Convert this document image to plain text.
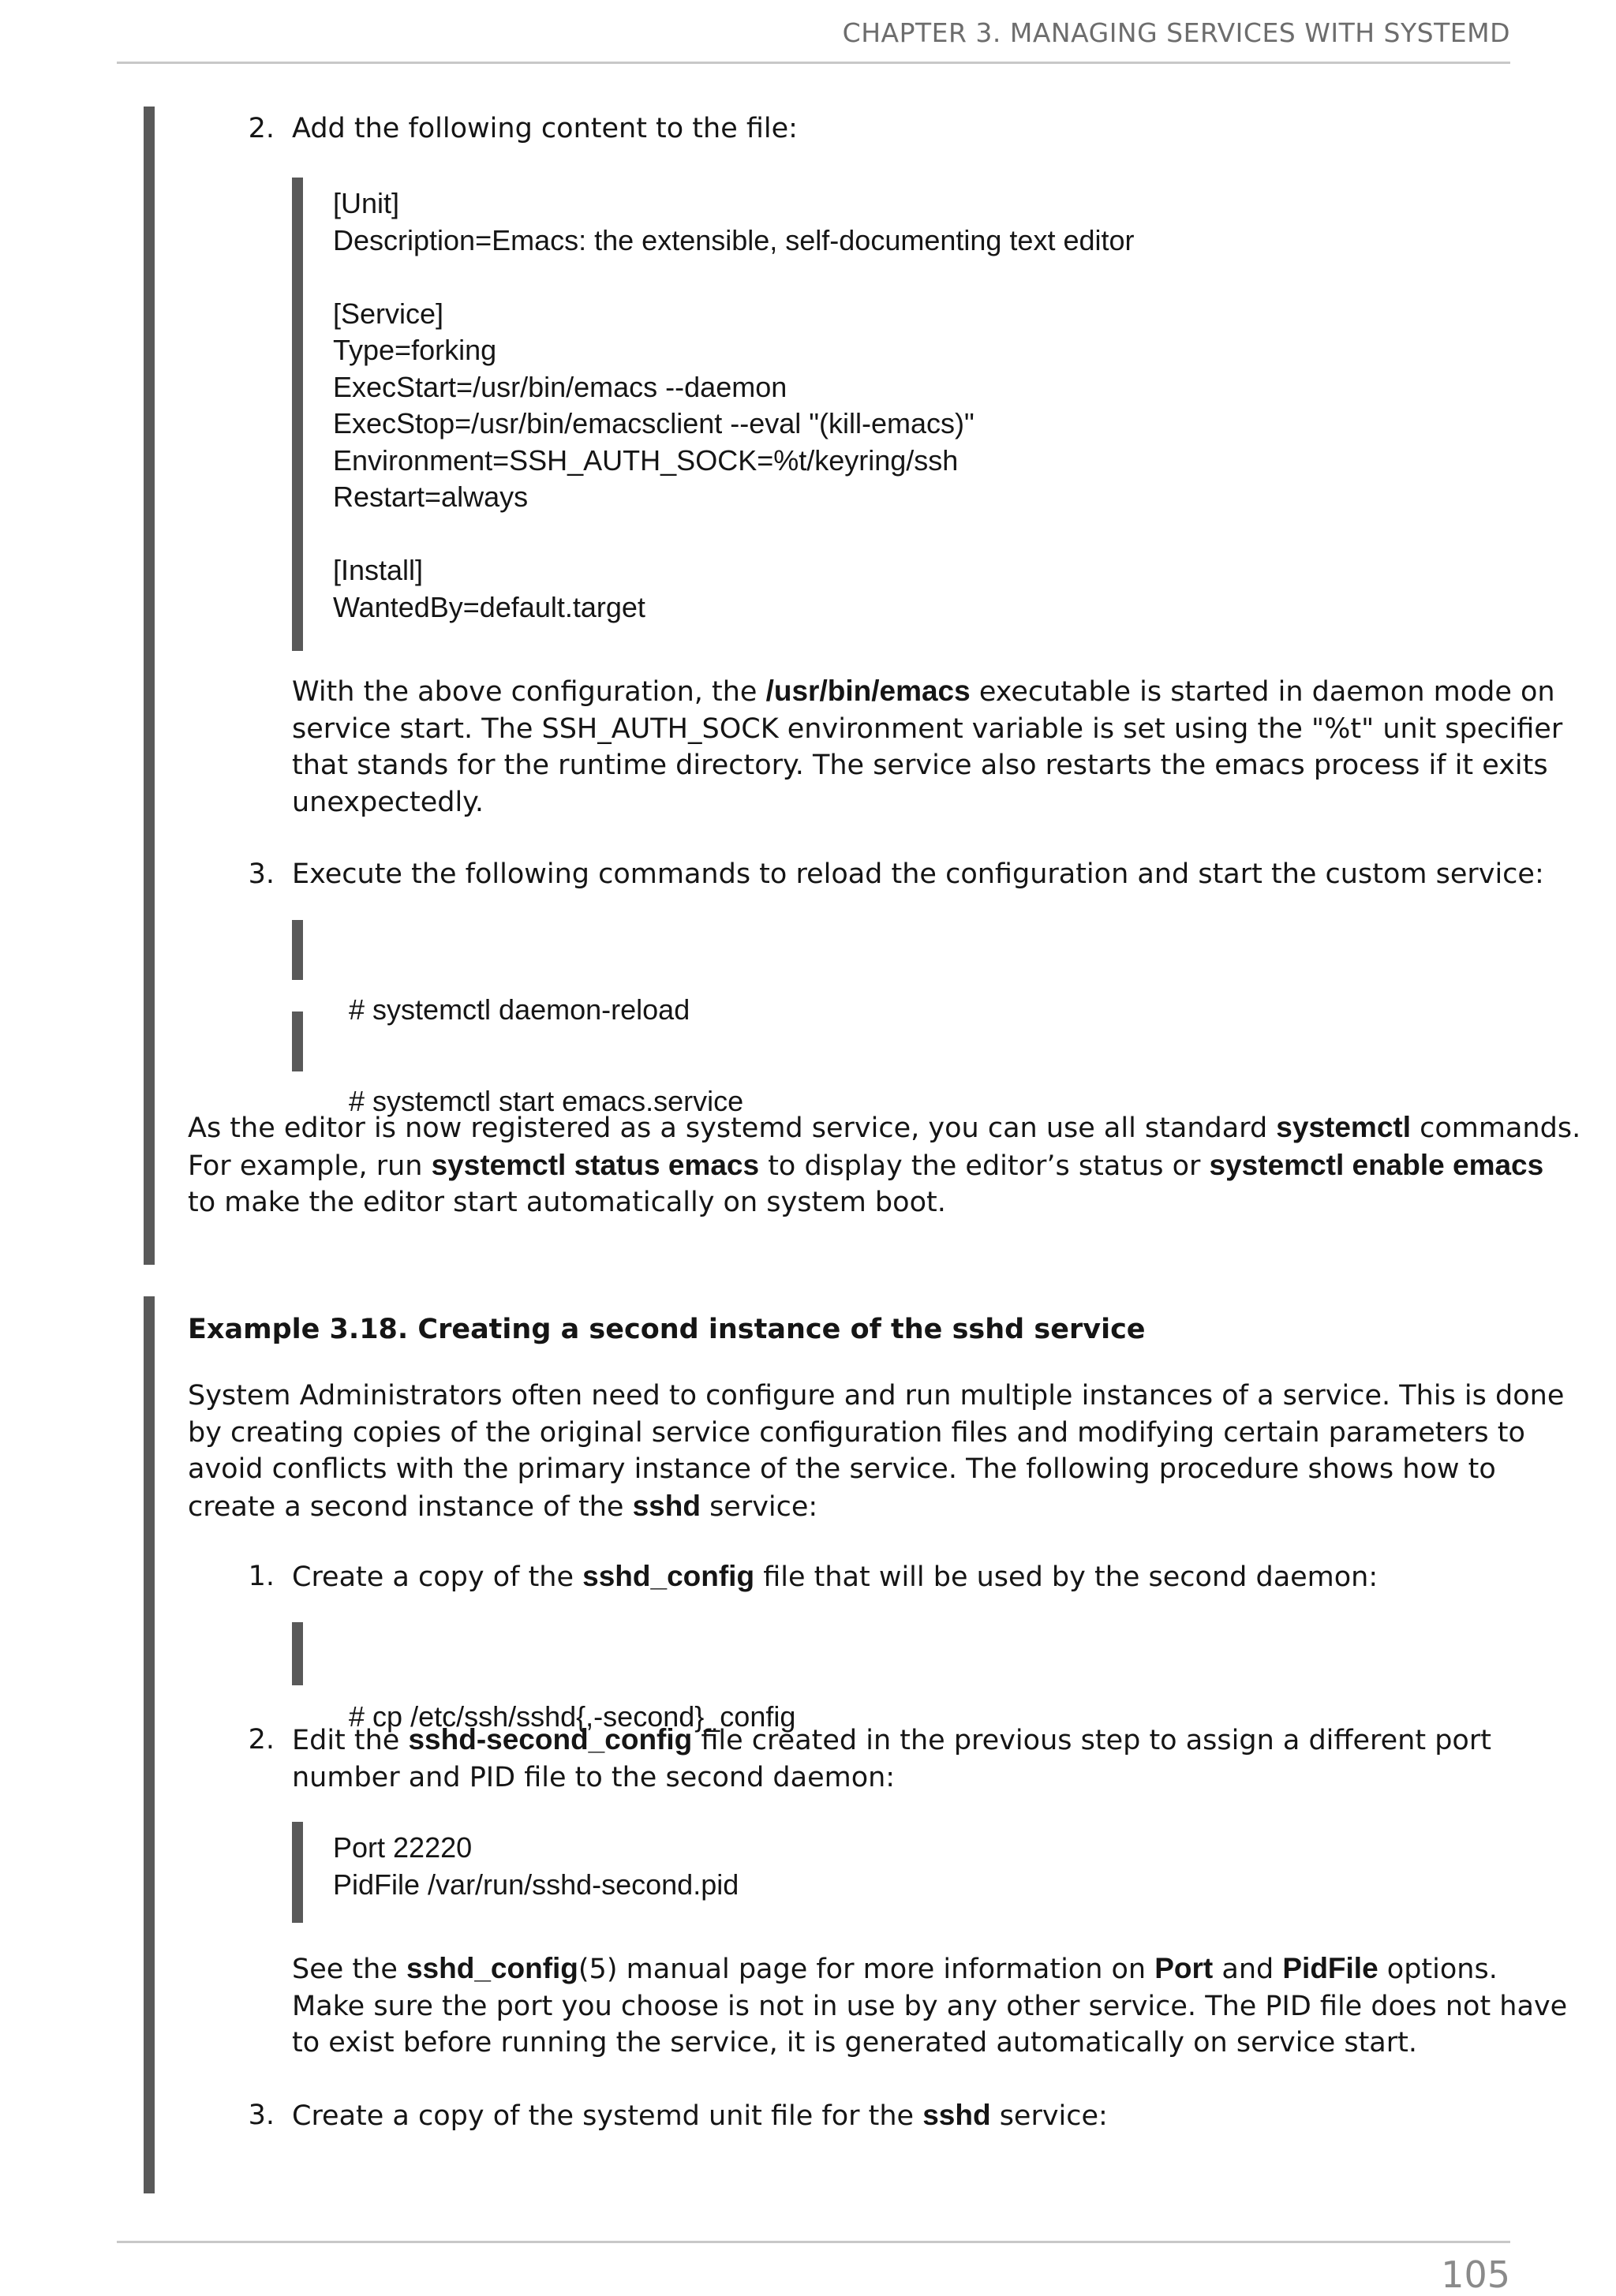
CHAPTER 3. MANAGING SERVICES WITH SYSTEMD
2. Add the following content to the file:
[Unit]
Description=Emacs: the extensible, self-documenting text editor
[Service]
Type=forking
ExecStart=/usr/bin/emacs --daemon
ExecStop=/usr/bin/emacsclient --eval "(kill-emacs)"
Environment=SSH_AUTH_SOCK=%t/keyring/ssh
Restart=always
[Install]
WantedBy=default.target
With the above configuration, the /usr/bin/emacs executable is started in daemon mode on
service start. The SSH_AUTH_SOCK environment variable is set using the "%t" unit specifier
that stands for the runtime directory. The service also restarts the emacs process if it exits
unexpectedly.
3. Execute the following commands to reload the configuration and start the custom service:

# systemctl daemon-reload

# systemctl start emacs.service

As the editor is now registered as a systemd service, you can use all standard systemctl commands.
For example, run systemctl status emacs to display the editor’s status or systemctl enable emacs
to make the editor start automatically on system boot.
Example 3.18. Creating a second instance of the sshd service
System Administrators often need to configure and run multiple instances of a service. This is done
by creating copies of the original service configuration files and modifying certain parameters to
avoid conflicts with the primary instance of the service. The following procedure shows how to
create a second instance of the sshd service:
1. Create a copy of the sshd_config file that will be used by the second daemon:

# cp /etc/ssh/sshd{,-second}_config

2. Edit the sshd-second_config file created in the previous step to assign a different port
number and PID file to the second daemon:
Port 22220
PidFile /var/run/sshd-second.pid
See the sshd_config(5) manual page for more information on Port and PidFile options.
Make sure the port you choose is not in use by any other service. The PID file does not have
to exist before running the service, it is generated automatically on service start.
3. Create a copy of the systemd unit file for the sshd service:
105
